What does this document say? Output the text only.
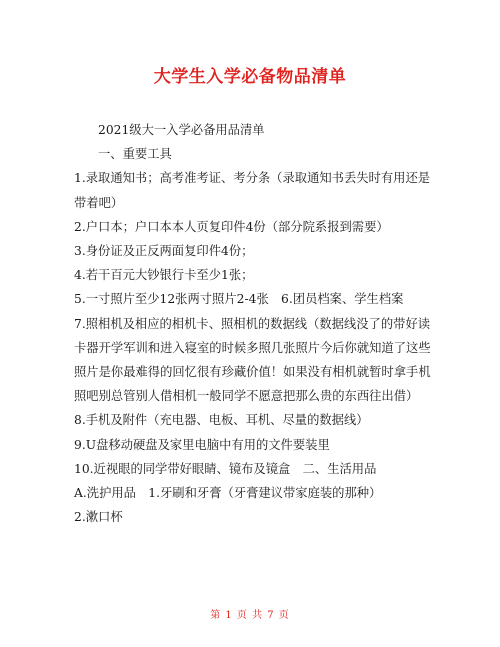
大学生入学必备物品清单

2021级大一入学必备用品清单

一、重要工具

1.录取通知书；高考准考证、考分条（录取通知书丢失时有用还是带着吧）

2.户口本；户口本本人页复印件4份（部分院系报到需要）

3.身份证及正反两面复印件4份；

4.若干百元大钞银行卡至少1张；

5.一寸照片至少12张两寸照片2-4张　6.团员档案、学生档案

7.照相机及相应的相机卡、照相机的数据线（数据线没了的带好读卡器开学军训和进入寝室的时候多照几张照片今后你就知道了这些照片是你最难得的回忆很有珍藏价值！如果没有相机就暂时拿手机照吧别总管别人借相机一般同学不愿意把那么贵的东西往出借）

8.手机及附件（充电器、电板、耳机、尽量的数据线）

9.U盘移动硬盘及家里电脑中有用的文件要装里

10.近视眼的同学带好眼睛、镜布及镜盒　二、生活用品

A.洗护用品　1.牙刷和牙膏（牙膏建议带家庭装的那种）

2.漱口杯

第 1 页 共 7 页
